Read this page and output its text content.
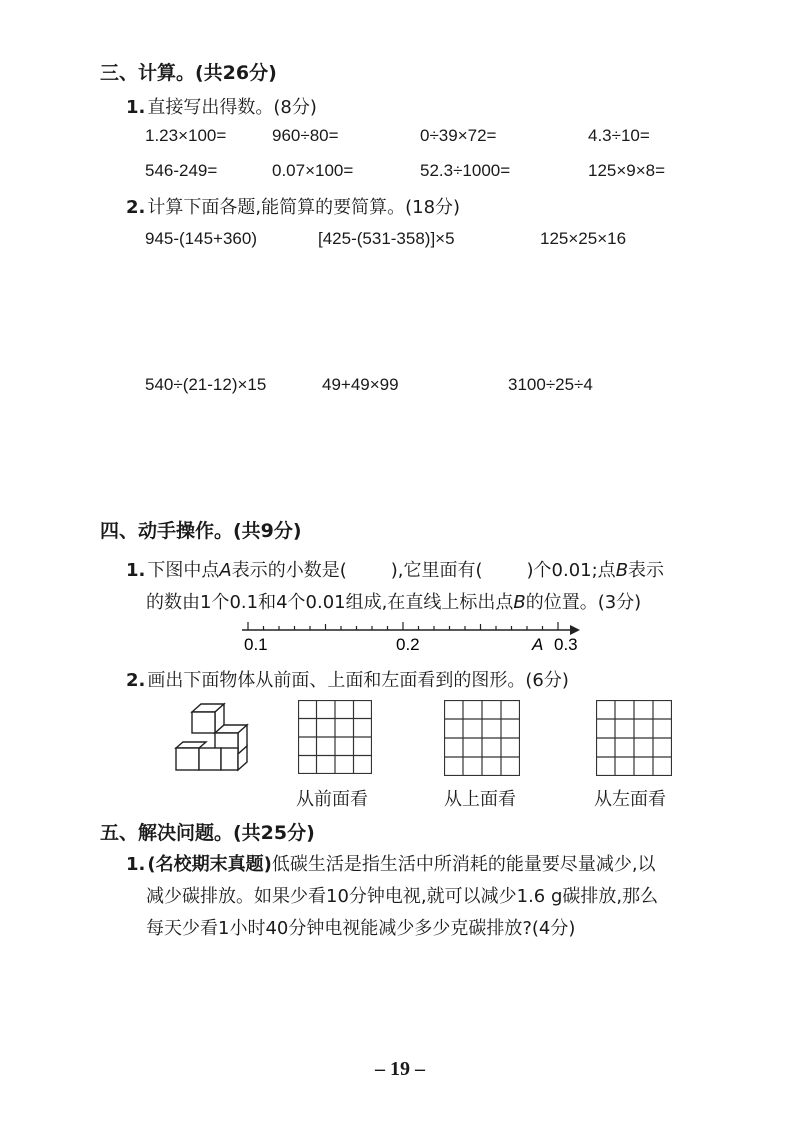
三、计算。(共26分)
1. 直接写出得数。(8分)
1.23×100=	960÷80=	0÷39×72=	4.3÷10=
546-249=	0.07×100=	52.3÷1000=	125×9×8=
2. 计算下面各题,能简算的要简算。(18分)
945-(145+360)	[425-(531-358)]×5	125×25×16
540÷(21-12)×15	49+49×99	3100÷25÷4
四、动手操作。(共9分)
1. 下图中点A表示的小数是( ),它里面有( )个0.01;点B表示
的数由1个0.1和4个0.01组成,在直线上标出点B的位置。(3分)
0.1	0.2	A 0.3
2. 画出下面物体从前面、上面和左面看到的图形。(6分)
从前面看	从上面看	从左面看
五、解决问题。(共25分)
1. (名校期末真题)低碳生活是指生活中所消耗的能量要尽量减少,以
减少碳排放。如果少看10分钟电视,就可以减少1.6 g碳排放,那么
每天少看1小时40分钟电视能减少多少克碳排放?(4分)
– 19 –
